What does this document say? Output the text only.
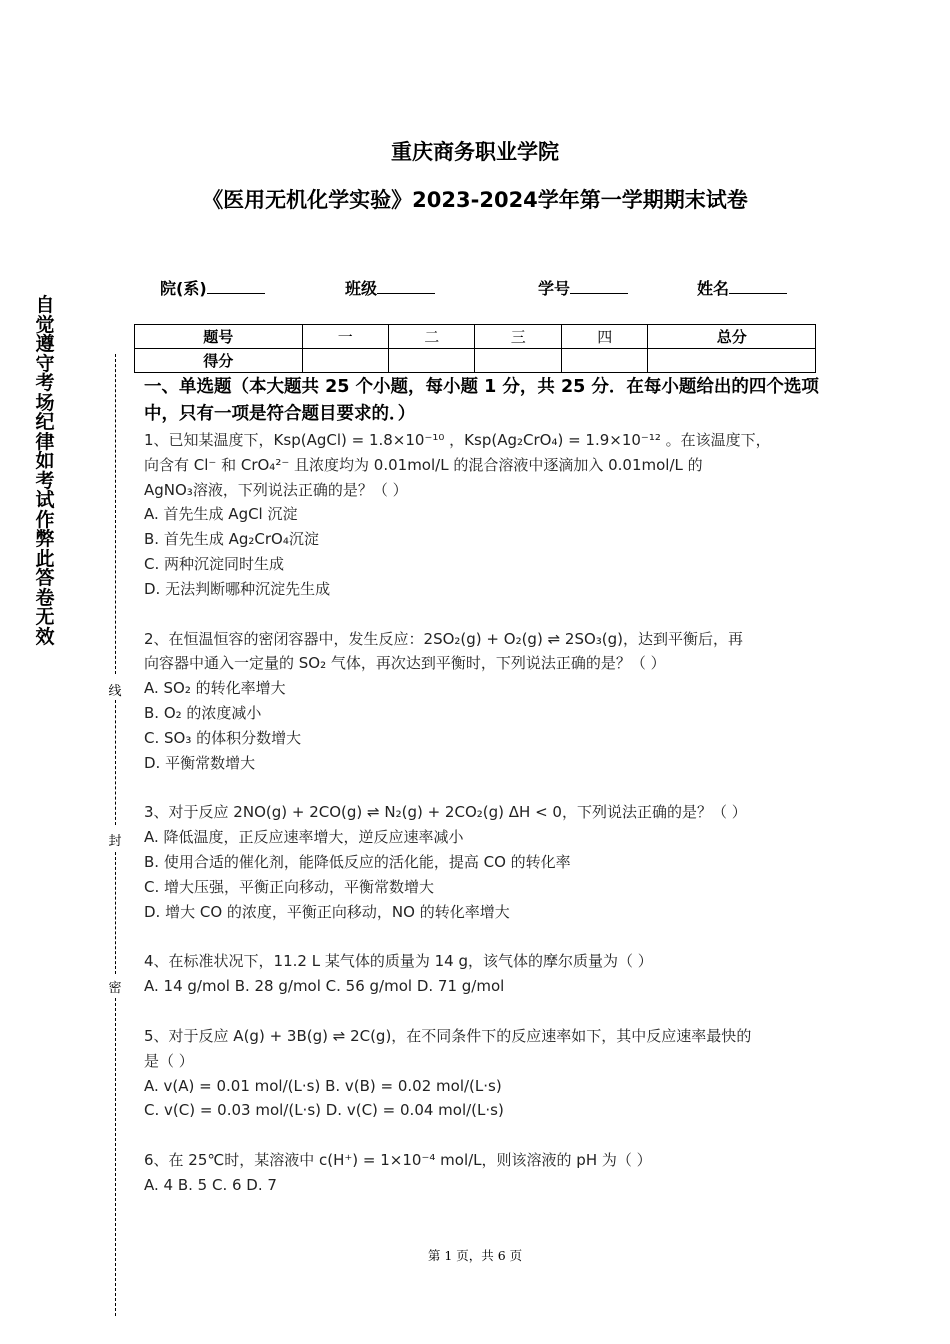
重庆商务职业学院
《医用无机化学实验》2023-2024学年第一学期期末试卷
院(系)	班级	学号	姓名
题号	一	二	三	四	总分
得分					
自觉遵守考场纪律如考试作弊此答卷无效
线
封
密

一、单选题（本大题共 25 个小题，每小题 1 分，共 25 分．在每小题给出的四个选项中，只有一项是符合题目要求的．）

1、已知某温度下，Ksp(AgCl) = 1.8×10⁻¹⁰ ，Ksp(Ag₂CrO₄) = 1.9×10⁻¹² 。在该温度下，

向含有 Cl⁻ 和 CrO₄²⁻ 且浓度均为 0.01mol/L 的混合溶液中逐滴加入 0.01mol/L 的

AgNO₃溶液，下列说法正确的是？（ ）

A. 首先生成 AgCl 沉淀

B. 首先生成 Ag₂CrO₄沉淀

C. 两种沉淀同时生成

D. 无法判断哪种沉淀先生成

2、在恒温恒容的密闭容器中，发生反应：2SO₂(g) + O₂(g) ⇌ 2SO₃(g)，达到平衡后，再

向容器中通入一定量的 SO₂ 气体，再次达到平衡时，下列说法正确的是？（ ）

A. SO₂ 的转化率增大

B. O₂ 的浓度减小

C. SO₃ 的体积分数增大

D. 平衡常数增大

3、对于反应 2NO(g) + 2CO(g) ⇌ N₂(g) + 2CO₂(g) ΔH < 0，下列说法正确的是？（ ）

A. 降低温度，正反应速率增大，逆反应速率减小

B. 使用合适的催化剂，能降低反应的活化能，提高 CO 的转化率

C. 增大压强，平衡正向移动，平衡常数增大

D. 增大 CO 的浓度，平衡正向移动，NO 的转化率增大

4、在标准状况下，11.2 L 某气体的质量为 14 g，该气体的摩尔质量为（ ）

A. 14 g/mol B. 28 g/mol C. 56 g/mol D. 71 g/mol

5、对于反应 A(g) + 3B(g) ⇌ 2C(g)，在不同条件下的反应速率如下，其中反应速率最快的

是（ ）

A. v(A) = 0.01 mol/(L·s) B. v(B) = 0.02 mol/(L·s)

C. v(C) = 0.03 mol/(L·s) D. v(C) = 0.04 mol/(L·s)

6、在 25℃时，某溶液中 c(H⁺) = 1×10⁻⁴ mol/L，则该溶液的 pH 为（ ）

A. 4 B. 5 C. 6 D. 7

第 1 页，共 6 页
